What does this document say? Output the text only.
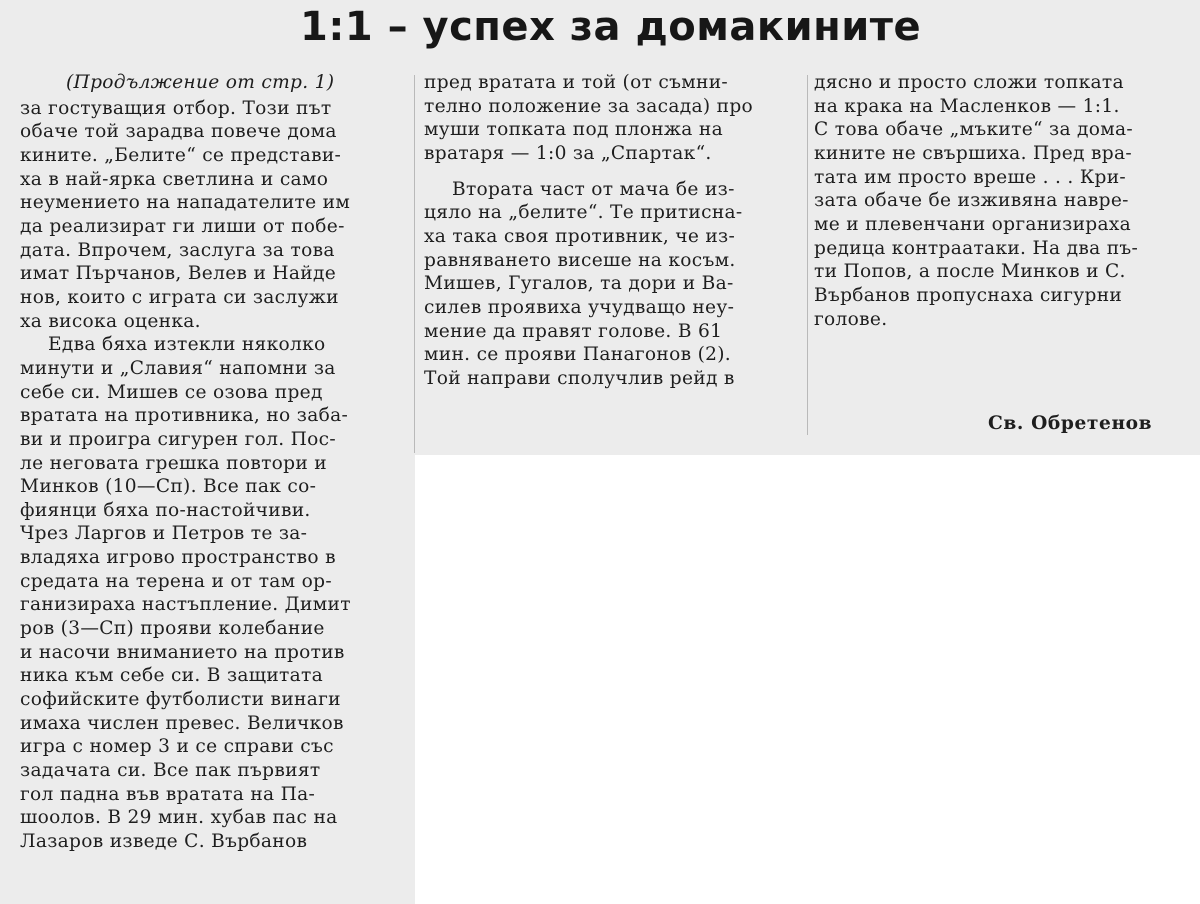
1:1 – успех за домакините

(Продължение от стр. 1)

за гостуващия отбор. Този път
обаче той зарадва повече дома
кините. „Белите“ се представи-
ха в най-ярка светлина и само
неумението на нападателите им
да реализират ги лиши от побе-
дата. Впрочем, заслуга за това
имат Пърчанов, Велев и Найде
нов, които с играта си заслужи
ха висока оценка.

Едва бяха изтекли няколко
минути и „Славия“ напомни за
себе си. Мишев се озова пред
вратата на противника, но заба-
ви и проигра сигурен гол. Пос-
ле неговата грешка повтори и
Минков (10—Сп). Все пак со-
фиянци бяха по-настойчиви.
Чрез Ларгов и Петров те за-
владяха игрово пространство в
средата на терена и от там ор-
ганизираха настъпление. Димит
ров (3—Сп) прояви колебание
и насочи вниманието на против
ника към себе си. В защитата
софийските футболисти винаги
имаха числен превес. Величков
игра с номер 3 и се справи със
задачата си. Все пак първият
гол падна във вратата на Па-
шоолов. В 29 мин. хубав пас на
Лазаров изведе С. Върбанов

пред вратата и той (от съмни-
телно положение за засада) про
муши топката под плонжа на
вратаря — 1:0 за „Спартак“.

Втората част от мача бе из-
цяло на „белите“. Те притисна-
ха така своя противник, че из-
равняването висеше на косъм.
Мишев, Гугалов, та дори и Ва-
силев проявиха учудващо неу-
мение да правят голове. В 61
мин. се прояви Панагонов (2).
Той направи сполучлив рейд в

дясно и просто сложи топката
на крака на Масленков — 1:1.
С това обаче „мъките“ за дома-
кините не свършиха. Пред вра-
тата им просто вреше . . . Кри-
зата обаче бе изживяна навре-
ме и плевенчани организираха
редица контраатаки. На два пъ-
ти Попов, а после Минков и С.
Върбанов пропуснаха сигурни
голове.

Св. Обретенов
